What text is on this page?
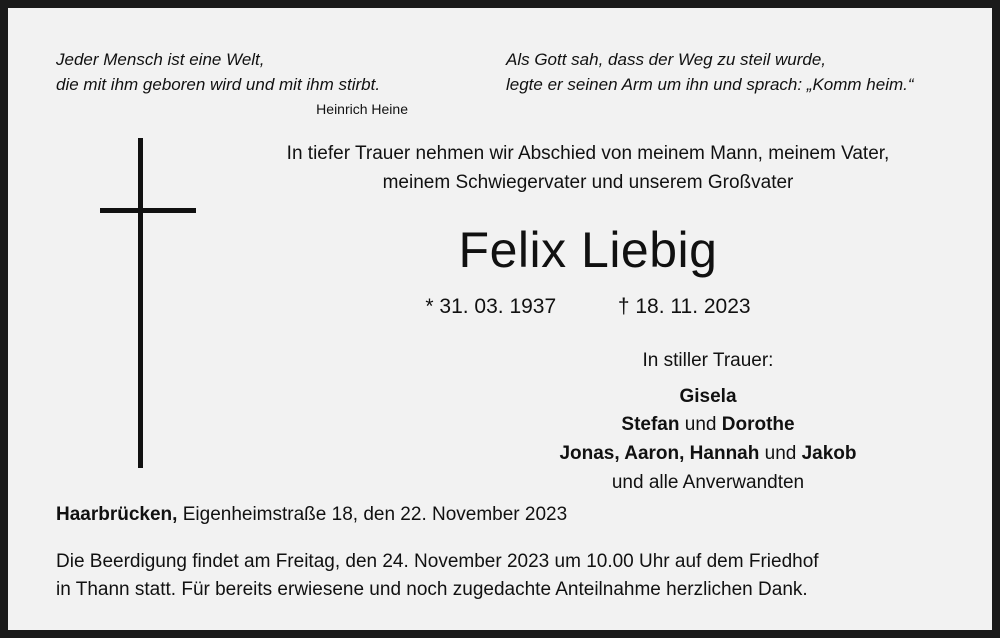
Jeder Mensch ist eine Welt,
die mit ihm geboren wird und mit ihm stirbt.
Heinrich Heine
Als Gott sah, dass der Weg zu steil wurde,
legte er seinen Arm um ihn und sprach: „Komm heim.“
In tiefer Trauer nehmen wir Abschied von meinem Mann, meinem Vater,
meinem Schwiegervater und unserem Großvater
Felix Liebig
* 31. 03. 1937	† 18. 11. 2023
In stiller Trauer:
Gisela
Stefan und Dorothe
Jonas, Aaron, Hannah und Jakob
und alle Anverwandten
Haarbrücken, Eigenheimstraße 18, den 22. November 2023
Die Beerdigung findet am Freitag, den 24. November 2023 um 10.00 Uhr auf dem Friedhof
in Thann statt. Für bereits erwiesene und noch zugedachte Anteilnahme herzlichen Dank.
